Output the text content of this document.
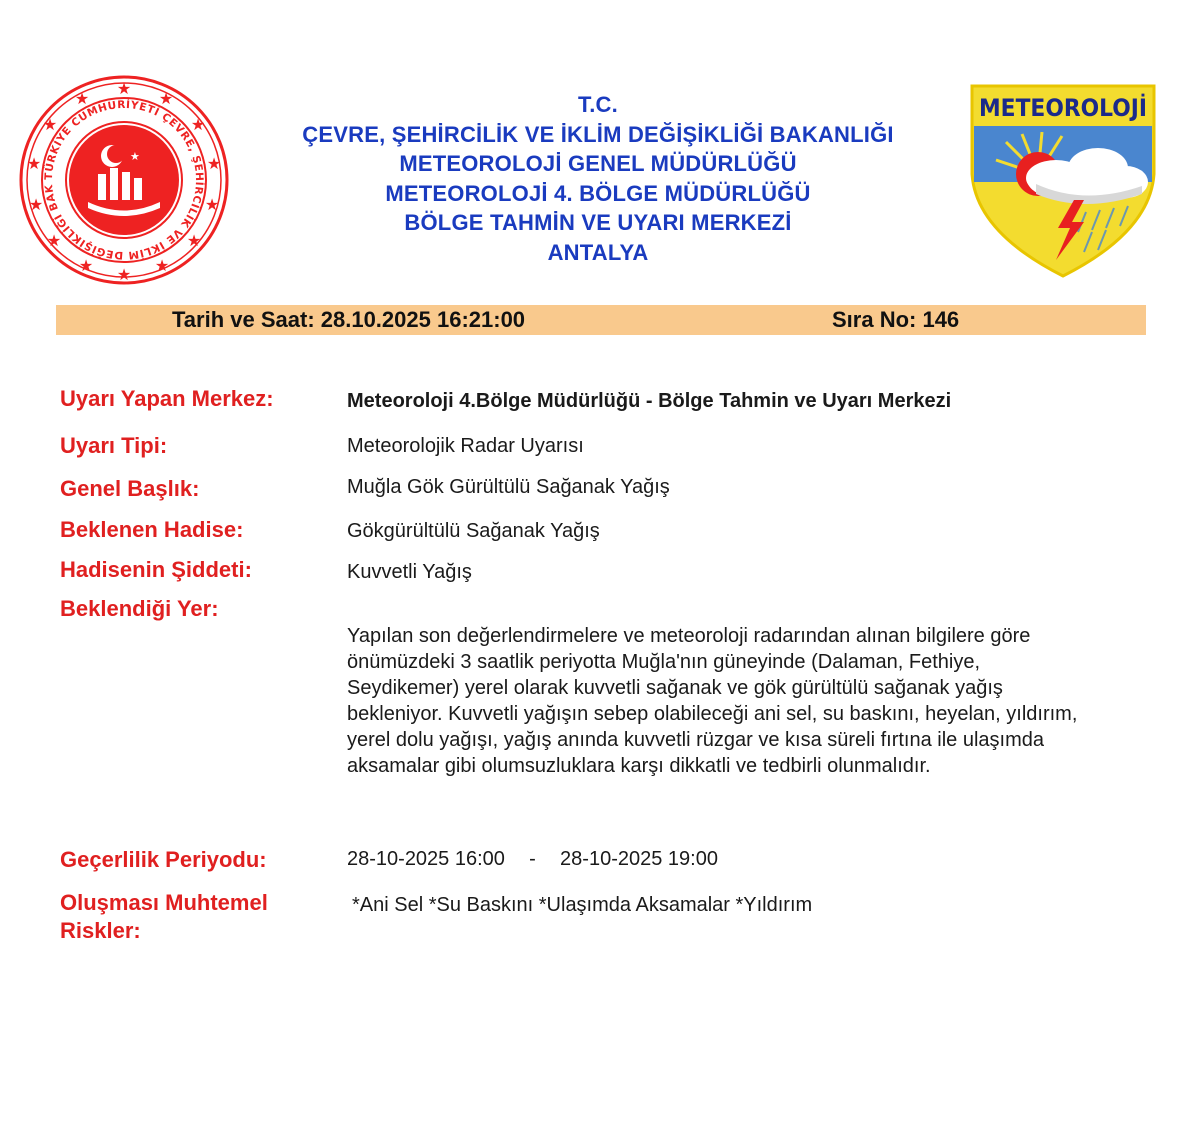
★
★
★
★
★
★
★
★
★
★
★
★
★
★
TÜRKİYE CUMHURİYETİ ÇEVRE, ŞEHİRCİLİK VE İKLİM DEĞİŞİKLİĞİ BAK
★
T.C.
ÇEVRE, ŞEHİRCİLİK VE İKLİM DEĞİŞİKLİĞİ BAKANLIĞI
METEOROLOJİ GENEL MÜDÜRLÜĞÜ
METEOROLOJİ 4. BÖLGE MÜDÜRLÜĞÜ
BÖLGE TAHMİN VE UYARI MERKEZİ
ANTALYA
METEOROLOJİ
Tarih ve Saat: 28.10.2025 16:21:00	Sıra No: 146
Uyarı Yapan Merkez:	Meteoroloji 4.Bölge Müdürlüğü - Bölge Tahmin ve Uyarı Merkezi
Uyarı Tipi:	Meteorolojik Radar Uyarısı
Genel Başlık:	Muğla Gök Gürültülü Sağanak Yağış
Beklenen Hadise:	Gökgürültülü Sağanak Yağış
Hadisenin Şiddeti:	Kuvvetli Yağış
Beklendiği Yer:
Yapılan son değerlendirmelere ve meteoroloji radarından alınan bilgilere göre
önümüzdeki 3 saatlik periyotta Muğla'nın güneyinde (Dalaman, Fethiye,
Seydikemer) yerel olarak kuvvetli sağanak ve gök gürültülü sağanak yağış
bekleniyor. Kuvvetli yağışın sebep olabileceği ani sel, su baskını, heyelan, yıldırım,
yerel dolu yağışı, yağış anında kuvvetli rüzgar ve kısa süreli fırtına ile ulaşımda
aksamalar gibi olumsuzluklara karşı dikkatli ve tedbirli olunmalıdır.
Geçerlilik Periyodu:	28-10-2025 16:00 - 28-10-2025 19:00
Oluşması Muhtemel
Riskler:
*Ani Sel *Su Baskını *Ulaşımda Aksamalar *Yıldırım
